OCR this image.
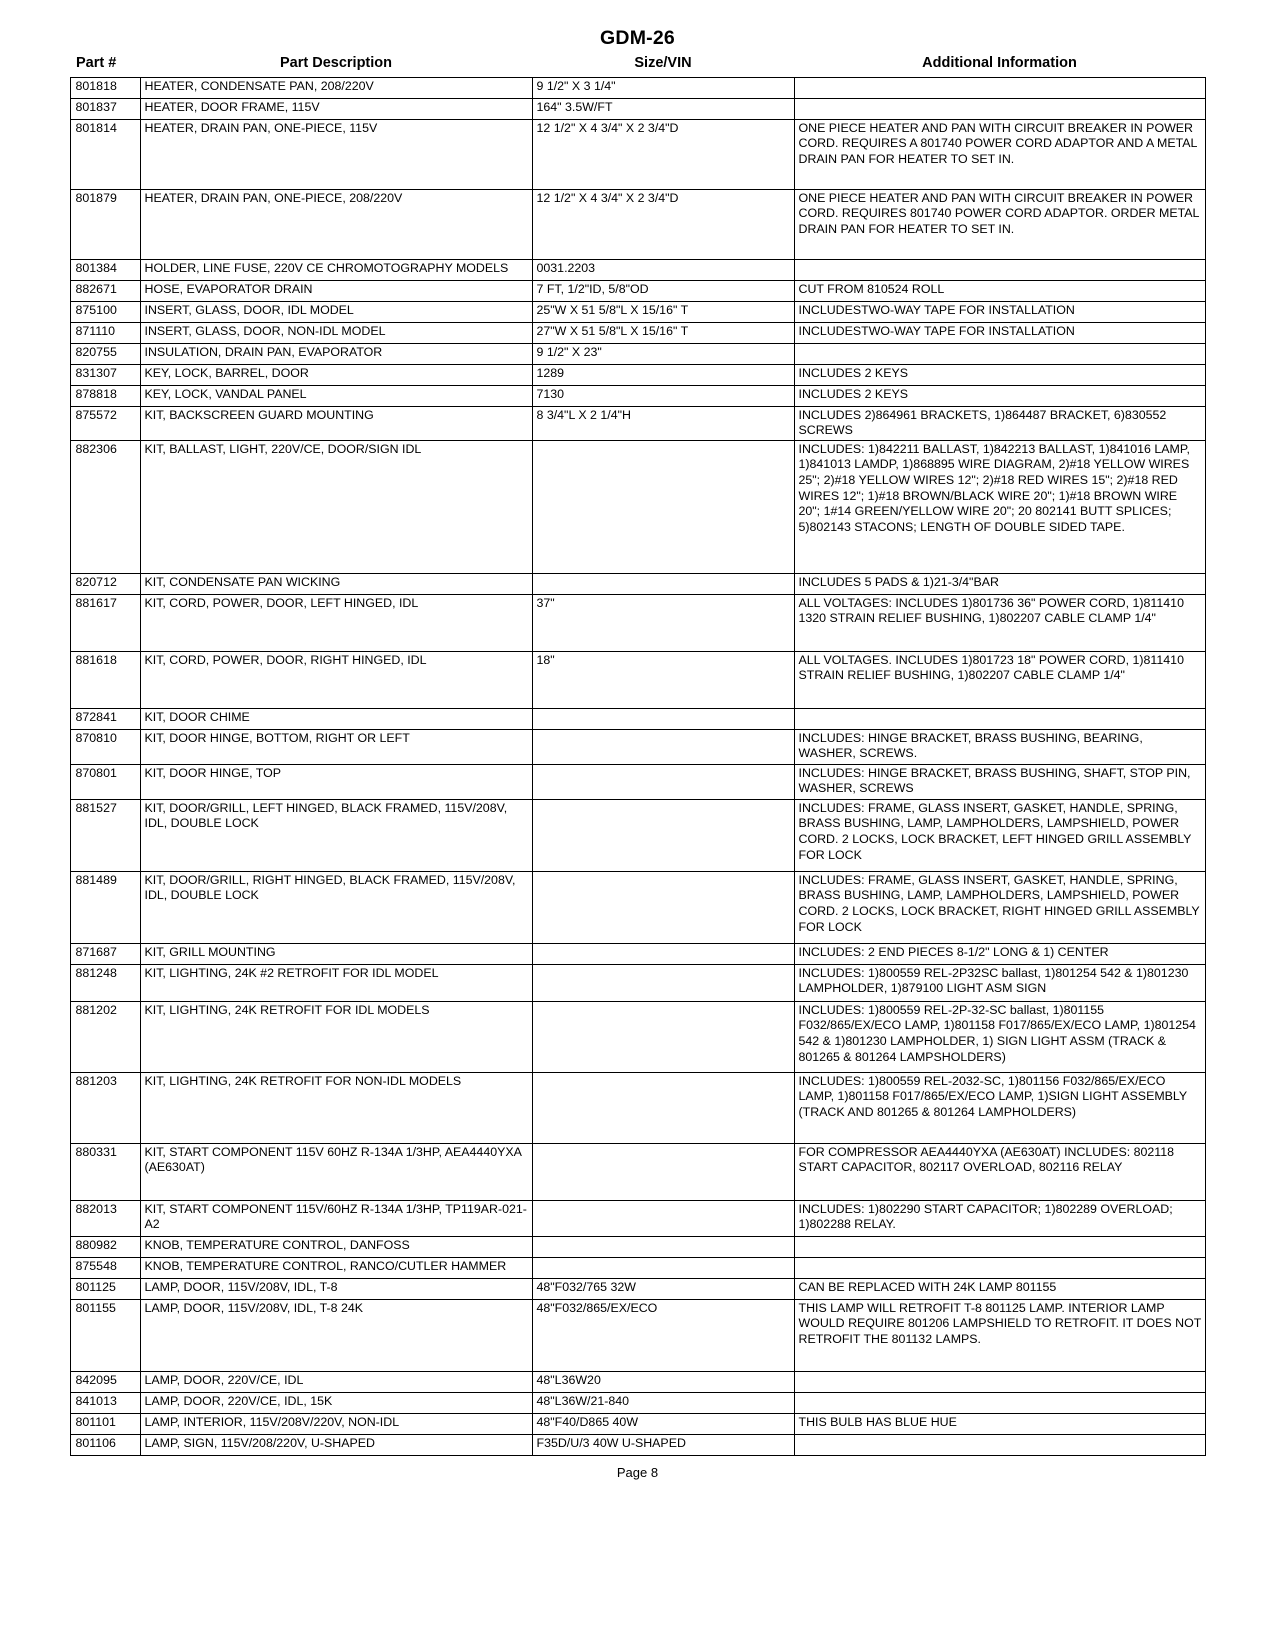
GDM-26
Part #	Part Description	Size/VIN	Additional Information
801818	HEATER, CONDENSATE PAN, 208/220V	9 1/2" X 3 1/4"	
801837	HEATER, DOOR FRAME, 115V	164" 3.5W/FT	
801814	HEATER, DRAIN PAN, ONE-PIECE, 115V	12 1/2" X 4 3/4" X 2 3/4"D	ONE PIECE HEATER AND PAN WITH CIRCUIT BREAKER IN POWER CORD. REQUIRES A 801740 POWER CORD ADAPTOR AND A METAL DRAIN PAN FOR HEATER TO SET IN.
801879	HEATER, DRAIN PAN, ONE-PIECE, 208/220V	12 1/2" X 4 3/4" X 2 3/4"D	ONE PIECE HEATER AND PAN WITH CIRCUIT BREAKER IN POWER CORD. REQUIRES 801740 POWER CORD ADAPTOR. ORDER METAL DRAIN PAN FOR HEATER TO SET IN.
801384	HOLDER, LINE FUSE, 220V CE CHROMOTOGRAPHY MODELS	0031.2203	
882671	HOSE, EVAPORATOR DRAIN	7 FT, 1/2"ID, 5/8"OD	CUT FROM 810524 ROLL
875100	INSERT, GLASS, DOOR, IDL MODEL	25"W X 51 5/8"L X 15/16" T	INCLUDESTWO-WAY TAPE FOR INSTALLATION
871110	INSERT, GLASS, DOOR, NON-IDL MODEL	27"W X 51 5/8"L X 15/16" T	INCLUDESTWO-WAY TAPE FOR INSTALLATION
820755	INSULATION, DRAIN PAN, EVAPORATOR	9 1/2" X 23"	
831307	KEY, LOCK, BARREL, DOOR	1289	INCLUDES 2 KEYS
878818	KEY, LOCK, VANDAL PANEL	7130	INCLUDES 2 KEYS
875572	KIT, BACKSCREEN GUARD MOUNTING	8 3/4"L X 2 1/4"H	INCLUDES 2)864961 BRACKETS, 1)864487 BRACKET, 6)830552 SCREWS
882306	KIT, BALLAST, LIGHT, 220V/CE, DOOR/SIGN IDL		INCLUDES: 1)842211 BALLAST, 1)842213 BALLAST, 1)841016 LAMP, 1)841013 LAMDP, 1)868895 WIRE DIAGRAM, 2)#18 YELLOW WIRES 25"; 2)#18 YELLOW WIRES 12"; 2)#18 RED WIRES 15"; 2)#18 RED WIRES 12"; 1)#18 BROWN/BLACK WIRE 20"; 1)#18 BROWN WIRE 20"; 1#14 GREEN/YELLOW WIRE 20"; 20 802141 BUTT SPLICES; 5)802143 STACONS; LENGTH OF DOUBLE SIDED TAPE.
820712	KIT, CONDENSATE PAN WICKING		INCLUDES 5 PADS & 1)21-3/4"BAR
881617	KIT, CORD, POWER, DOOR, LEFT HINGED, IDL	37"	ALL VOLTAGES: INCLUDES 1)801736 36" POWER CORD, 1)811410 1320 STRAIN RELIEF BUSHING, 1)802207 CABLE CLAMP 1/4"
881618	KIT, CORD, POWER, DOOR, RIGHT HINGED, IDL	18"	ALL VOLTAGES. INCLUDES 1)801723 18" POWER CORD, 1)811410 STRAIN RELIEF BUSHING, 1)802207 CABLE CLAMP 1/4"
872841	KIT, DOOR CHIME		
870810	KIT, DOOR HINGE, BOTTOM, RIGHT OR LEFT		INCLUDES: HINGE BRACKET, BRASS BUSHING, BEARING, WASHER, SCREWS.
870801	KIT, DOOR HINGE, TOP		INCLUDES: HINGE BRACKET, BRASS BUSHING, SHAFT, STOP PIN, WASHER, SCREWS
881527	KIT, DOOR/GRILL, LEFT HINGED, BLACK FRAMED, 115V/208V, IDL, DOUBLE LOCK		INCLUDES: FRAME, GLASS INSERT, GASKET, HANDLE, SPRING, BRASS BUSHING, LAMP, LAMPHOLDERS, LAMPSHIELD, POWER CORD. 2 LOCKS, LOCK BRACKET, LEFT HINGED GRILL ASSEMBLY FOR LOCK
881489	KIT, DOOR/GRILL, RIGHT HINGED, BLACK FRAMED, 115V/208V, IDL, DOUBLE LOCK		INCLUDES: FRAME, GLASS INSERT, GASKET, HANDLE, SPRING, BRASS BUSHING, LAMP, LAMPHOLDERS, LAMPSHIELD, POWER CORD. 2 LOCKS, LOCK BRACKET, RIGHT HINGED GRILL ASSEMBLY FOR LOCK
871687	KIT, GRILL MOUNTING		INCLUDES: 2 END PIECES 8-1/2" LONG & 1) CENTER
881248	KIT, LIGHTING, 24K #2 RETROFIT FOR IDL MODEL		INCLUDES: 1)800559 REL-2P32SC ballast, 1)801254 542 & 1)801230 LAMPHOLDER, 1)879100 LIGHT ASM SIGN
881202	KIT, LIGHTING, 24K RETROFIT FOR IDL MODELS		INCLUDES: 1)800559 REL-2P-32-SC ballast, 1)801155 F032/865/EX/ECO LAMP, 1)801158 F017/865/EX/ECO LAMP, 1)801254 542 & 1)801230 LAMPHOLDER, 1) SIGN LIGHT ASSM (TRACK & 801265 & 801264 LAMPSHOLDERS)
881203	KIT, LIGHTING, 24K RETROFIT FOR NON-IDL MODELS		INCLUDES: 1)800559 REL-2032-SC, 1)801156 F032/865/EX/ECO LAMP, 1)801158 F017/865/EX/ECO LAMP, 1)SIGN LIGHT ASSEMBLY (TRACK AND 801265 & 801264 LAMPHOLDERS)
880331	KIT, START COMPONENT 115V 60HZ R-134A 1/3HP, AEA4440YXA (AE630AT)		FOR COMPRESSOR AEA4440YXA (AE630AT) INCLUDES: 802118 START CAPACITOR, 802117 OVERLOAD, 802116 RELAY
882013	KIT, START COMPONENT 115V/60HZ R-134A 1/3HP, TP119AR-021-A2		INCLUDES: 1)802290 START CAPACITOR; 1)802289 OVERLOAD; 1)802288 RELAY.
880982	KNOB, TEMPERATURE CONTROL, DANFOSS		
875548	KNOB, TEMPERATURE CONTROL, RANCO/CUTLER HAMMER		
801125	LAMP, DOOR, 115V/208V, IDL, T-8	48"F032/765 32W	CAN BE REPLACED WITH 24K LAMP 801155
801155	LAMP, DOOR, 115V/208V, IDL, T-8 24K	48"F032/865/EX/ECO	THIS LAMP WILL RETROFIT T-8 801125 LAMP. INTERIOR LAMP WOULD REQUIRE 801206 LAMPSHIELD TO RETROFIT. IT DOES NOT RETROFIT THE 801132 LAMPS.
842095	LAMP, DOOR, 220V/CE, IDL	48"L36W20	
841013	LAMP, DOOR, 220V/CE, IDL, 15K	48"L36W/21-840	
801101	LAMP, INTERIOR, 115V/208V/220V, NON-IDL	48"F40/D865 40W	THIS BULB HAS BLUE HUE
801106	LAMP, SIGN, 115V/208/220V, U-SHAPED	F35D/U/3 40W U-SHAPED	
Page 8
